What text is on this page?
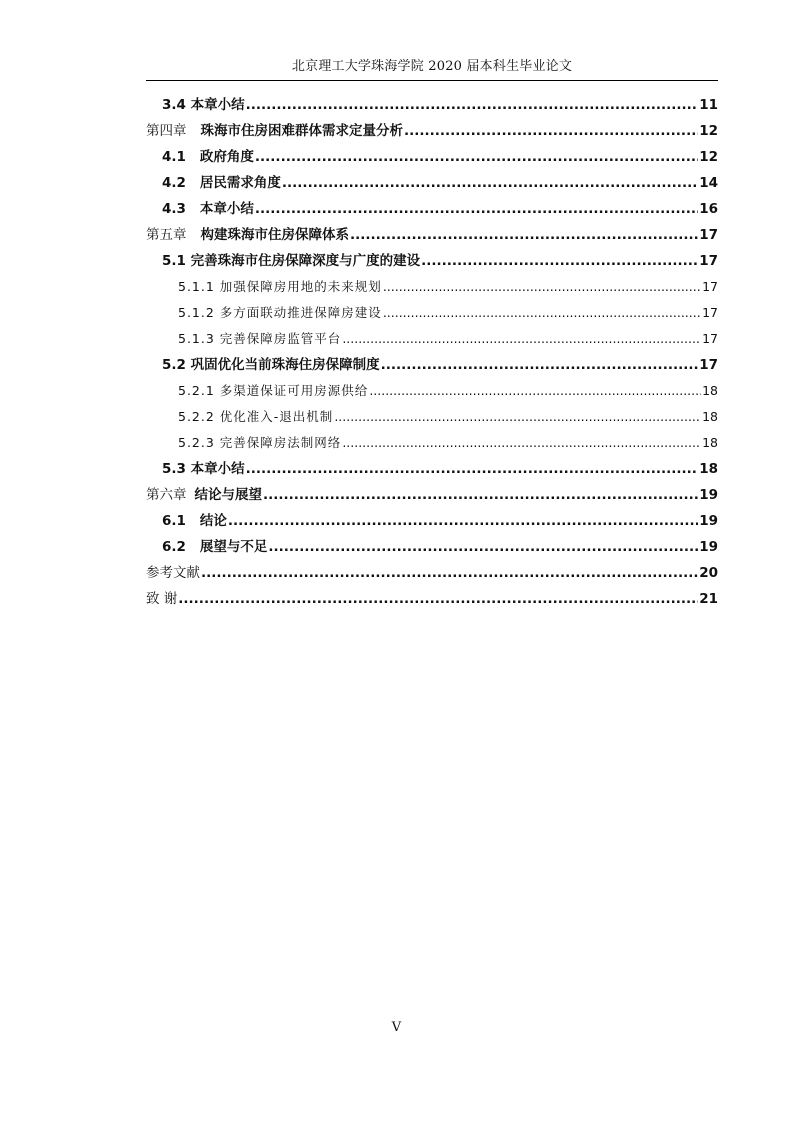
北京理工大学珠海学院 2020 届本科生毕业论文
3.4 本章小结 .....	11
第四章 珠海市住房困难群体需求定量分析 .....	12
4.1 政府角度 .....	12
4.2 居民需求角度 .....	14
4.3 本章小结 .....	16
第五章 构建珠海市住房保障体系 .....	17
5.1 完善珠海市住房保障深度与广度的建设 .....	17
5.1.1 加强保障房用地的未来规划 .....	17
5.1.2 多方面联动推进保障房建设 .....	17
5.1.3 完善保障房监管平台 .....	17
5.2 巩固优化当前珠海住房保障制度 .....	17
5.2.1 多渠道保证可用房源供给 .....	18
5.2.2 优化准入-退出机制 .....	18
5.2.3 完善保障房法制网络 .....	18
5.3 本章小结 .....	18
第六章 结论与展望 .....	19
6.1 结论 .....	19
6.2 展望与不足 .....	19
参考文献 .....	20
致 谢 .....	21
V
